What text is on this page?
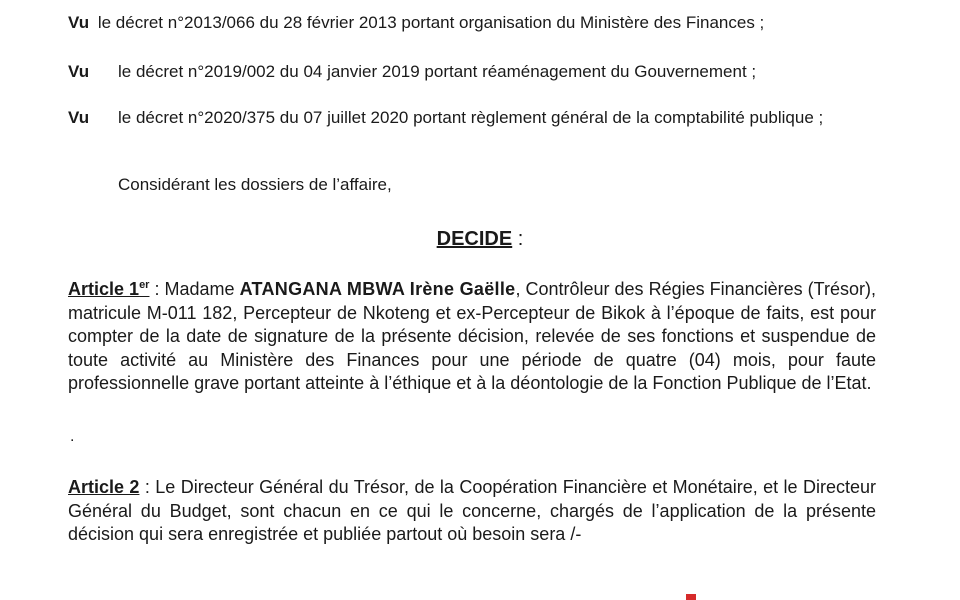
Vu le décret n°2013/066 du 28 février 2013 portant organisation du Ministère des Finances ;
Vu le décret n°2019/002 du 04 janvier 2019 portant réaménagement du Gouvernement ;
Vu le décret n°2020/375 du 07 juillet 2020 portant règlement général de la comptabilité publique ;
Considérant les dossiers de l’affaire,
DECIDE :
Article 1er : Madame ATANGANA MBWA Irène Gaëlle, Contrôleur des Régies Financières (Trésor), matricule M-011 182, Percepteur de Nkoteng et ex-Percepteur de Bikok à l’époque de faits, est pour compter de la date de signature de la présente décision, relevée de ses fonctions et suspendue de toute activité au Ministère des Finances pour une période de quatre (04) mois, pour faute professionnelle grave portant atteinte à l’éthique et à la déontologie de la Fonction Publique de l’Etat.
.
Article 2 : Le Directeur Général du Trésor, de la Coopération Financière et Monétaire, et le Directeur Général du Budget, sont chacun en ce qui le concerne, chargés de l’application de la présente décision qui sera enregistrée et publiée partout où besoin sera /-
